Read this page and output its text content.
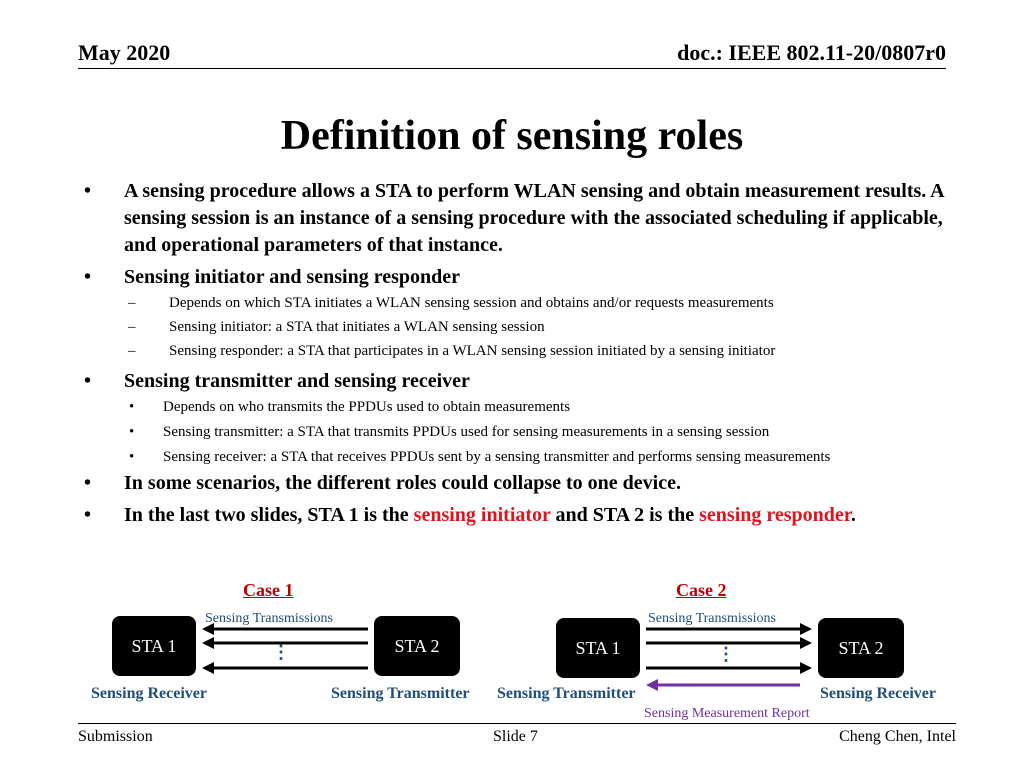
May 2020	doc.: IEEE 802.11-20/0807r0
Definition of sensing roles
• A sensing procedure allows a STA to perform WLAN sensing and obtain measurement results. A sensing session is an instance of a sensing procedure with the associated scheduling if applicable, and operational parameters of that instance.
• Sensing initiator and sensing responder
– Depends on which STA initiates a WLAN sensing session and obtains and/or requests measurements
– Sensing initiator: a STA that initiates a WLAN sensing session
– Sensing responder: a STA that participates in a WLAN sensing session initiated by a sensing initiator
• Sensing transmitter and sensing receiver
• Depends on who transmits the PPDUs used to obtain measurements
• Sensing transmitter: a STA that transmits PPDUs used for sensing measurements in a sensing session
• Sensing receiver: a STA that receives PPDUs sent by a sensing transmitter and performs sensing measurements
• In some scenarios, the different roles could collapse to one device.
• In the last two slides, STA 1 is the sensing initiator and STA 2 is the sensing responder.
Case 1
Sensing Transmissions
STA 1	STA 2
⋮
Sensing Receiver	Sensing Transmitter
Case 2
Sensing Transmissions
STA 1	STA 2
⋮
Sensing Transmitter	Sensing Receiver
Sensing Measurement Report
Submission	Slide 7	Cheng Chen, Intel
